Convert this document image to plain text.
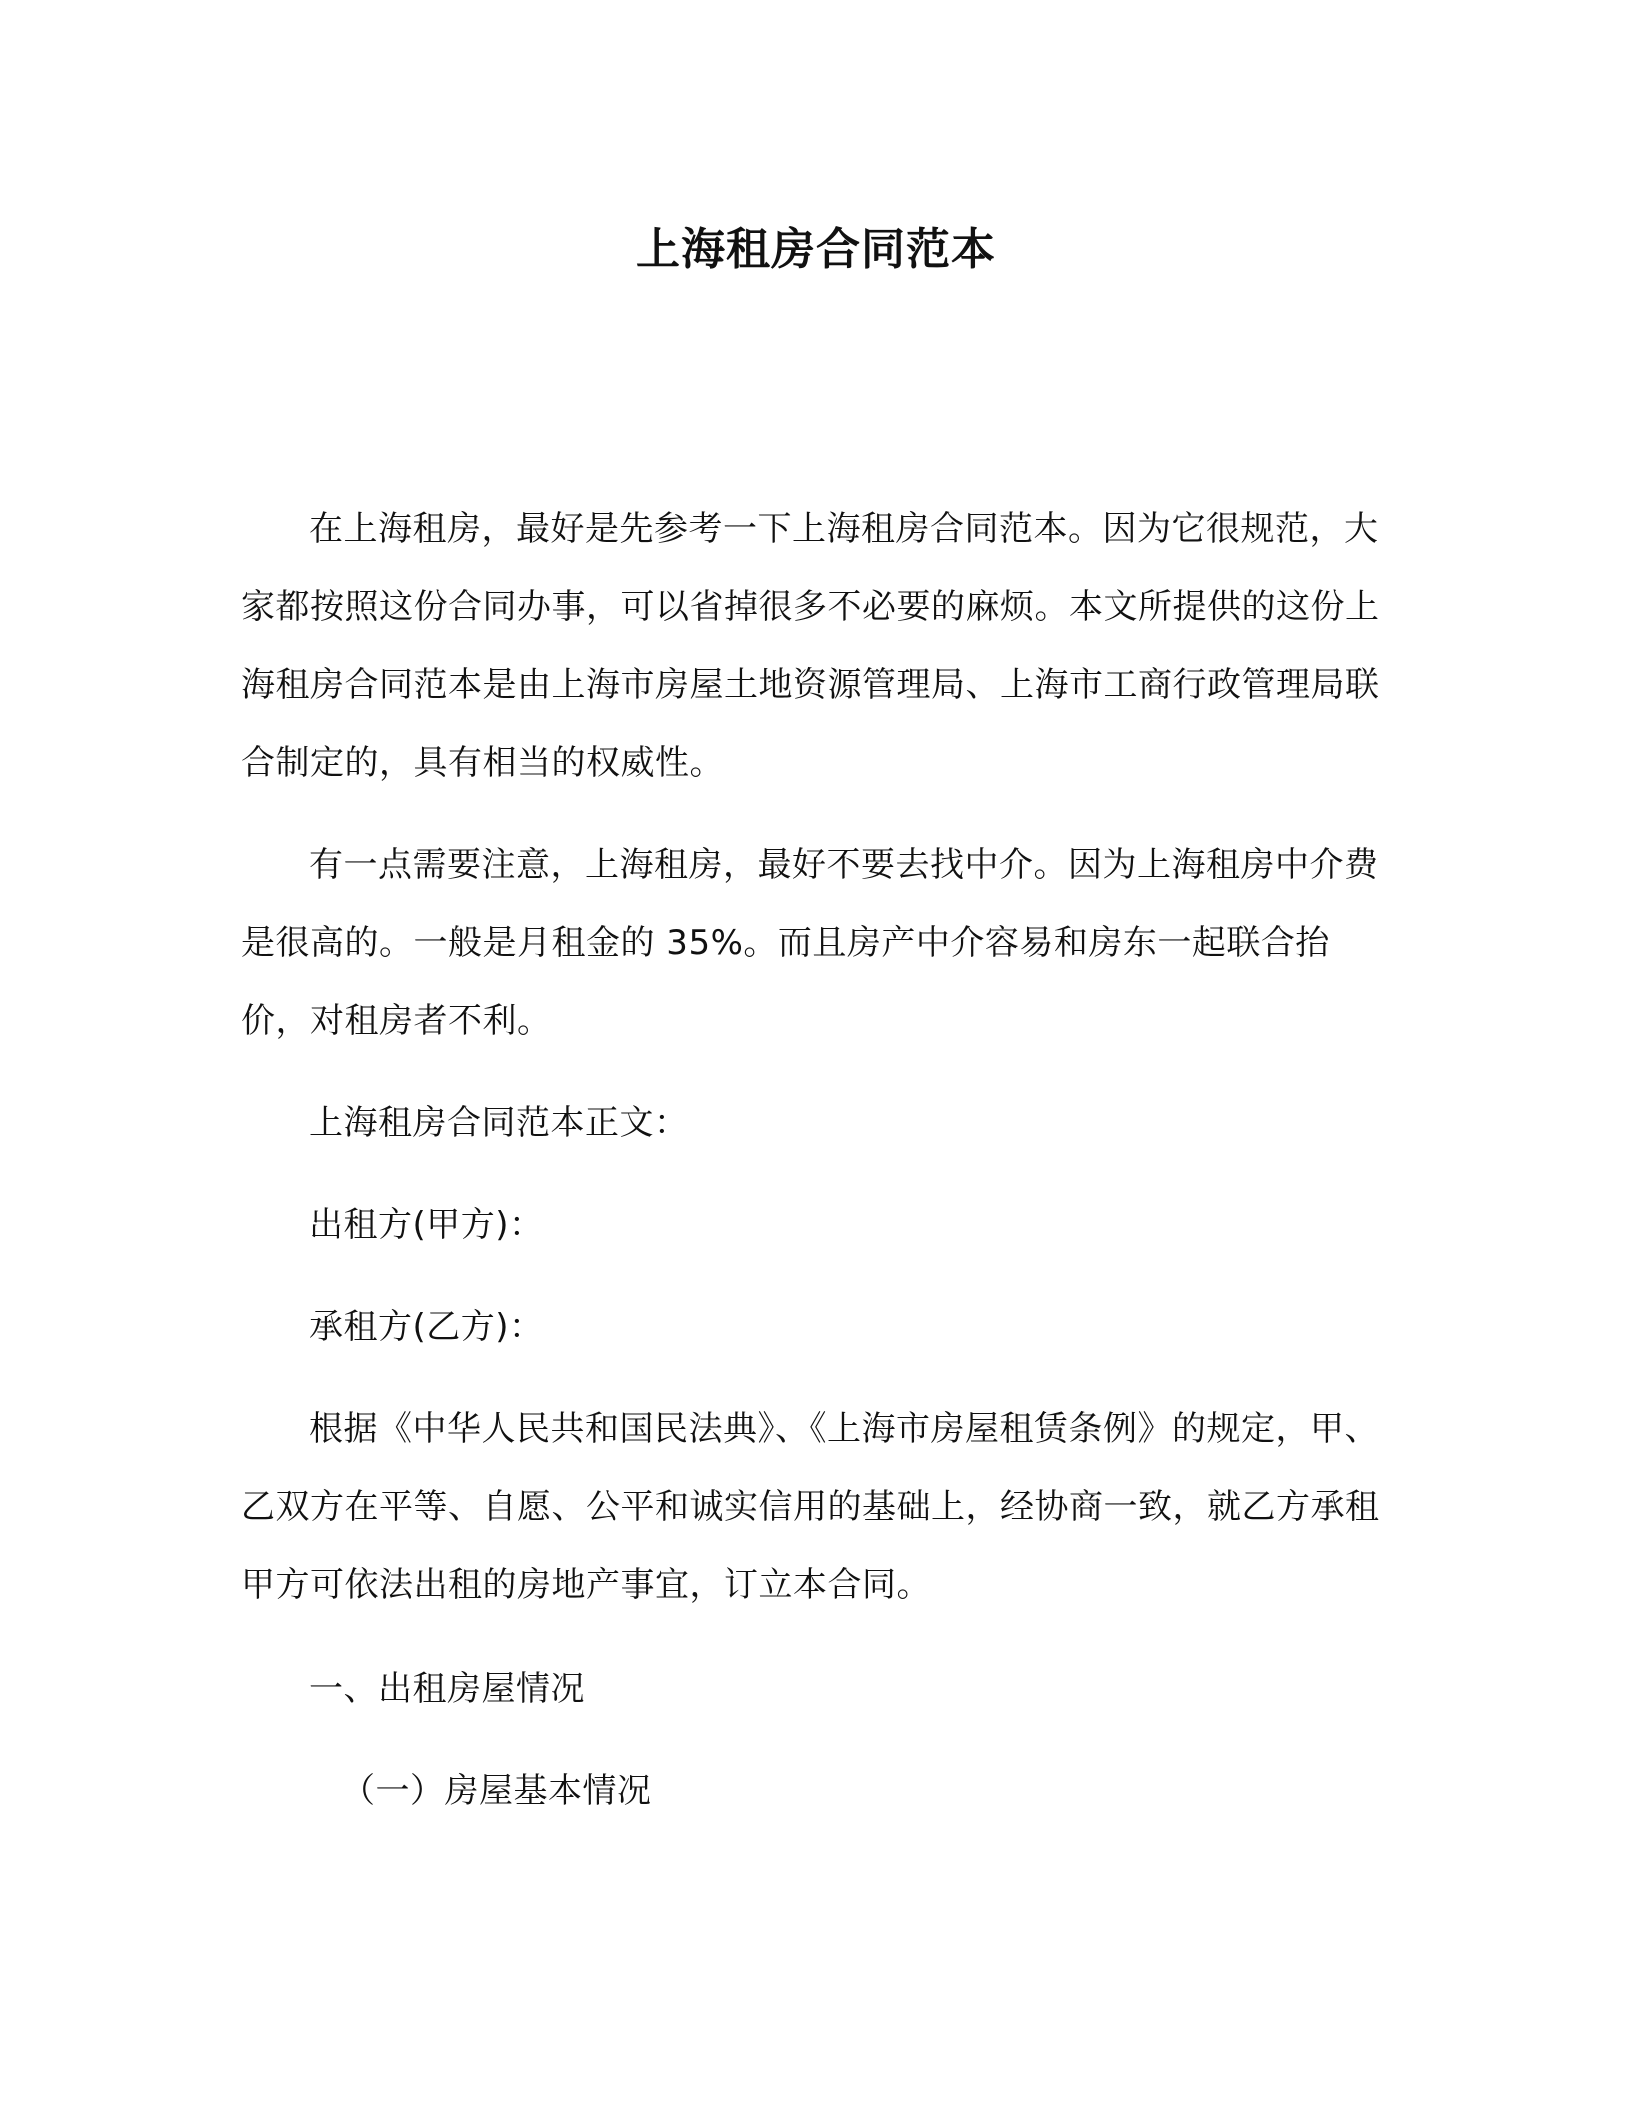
上海租房合同范本

在上海租房，最好是先参考一下上海租房合同范本。因为它很规范，大家都按照这份合同办事，可以省掉很多不必要的麻烦。本文所提供的这份上海租房合同范本是由上海市房屋土地资源管理局、上海市工商行政管理局联合制定的，具有相当的权威性。

有一点需要注意，上海租房，最好不要去找中介。因为上海租房中介费是很高的。一般是月租金的 35%。而且房产中介容易和房东一起联合抬价，对租房者不利。

上海租房合同范本正文：

出租方(甲方)：

承租方(乙方)：

根据《中华人民共和国民法典》、《上海市房屋租赁条例》的规定，甲、乙双方在平等、自愿、公平和诚实信用的基础上，经协商一致，就乙方承租甲方可依法出租的房地产事宜，订立本合同。

一、出租房屋情况

（一）房屋基本情况
